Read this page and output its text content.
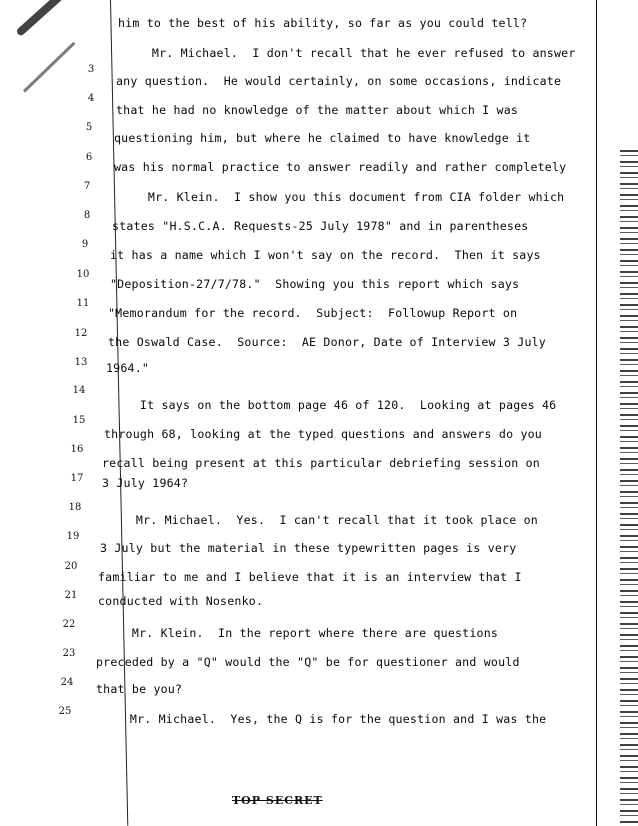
3
4
5
6
7
8
9
10
11
12
13
14
15
16
17
18
19
20
21
22
23
24
25
him to the best of his ability, so far as you could tell?
Mr. Michael.  I don't recall that he ever refused to answer
any question.  He would certainly, on some occasions, indicate
that he had no knowledge of the matter about which I was
questioning him, but where he claimed to have knowledge it
was his normal practice to answer readily and rather completely
Mr. Klein.  I show you this document from CIA folder which
states "H.S.C.A. Requests-25 July 1978" and in parentheses
it has a name which I won't say on the record.  Then it says
"Deposition-27/7/78."  Showing you this report which says
"Memorandum for the record.  Subject:  Followup Report on
the Oswald Case.  Source:  AE Donor, Date of Interview 3 July
1964."
It says on the bottom page 46 of 120.  Looking at pages 46
through 68, looking at the typed questions and answers do you
recall being present at this particular debriefing session on
3 July 1964?
Mr. Michael.  Yes.  I can't recall that it took place on
3 July but the material in these typewritten pages is very
familiar to me and I believe that it is an interview that I
conducted with Nosenko.
Mr. Klein.  In the report where there are questions
preceded by a "Q" would the "Q" be for questioner and would
that be you?
Mr. Michael.  Yes, the Q is for the question and I was the
TOP SECRET
